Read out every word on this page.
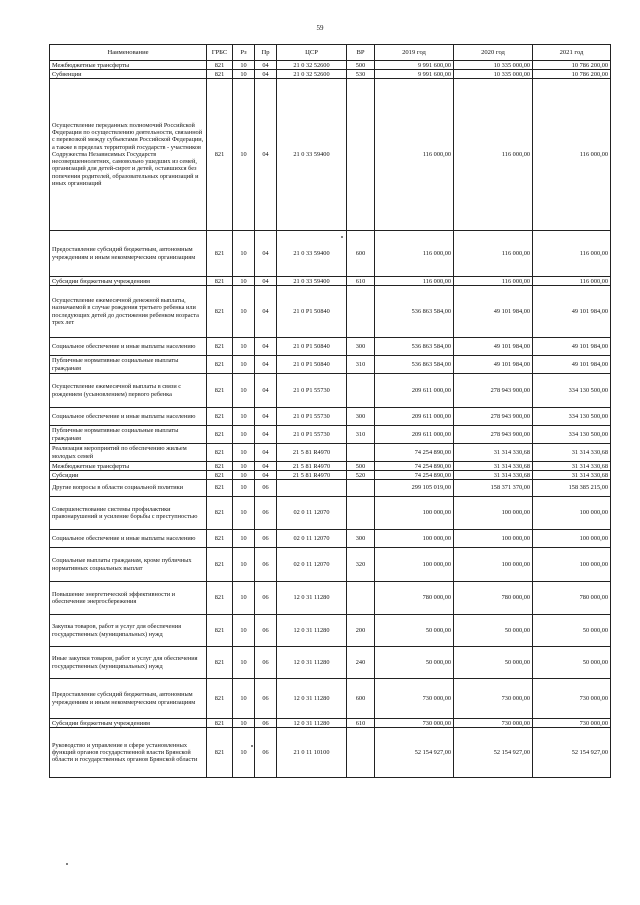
59
Наименование	ГРБС	Рз	Пр	ЦСР	ВР	2019 год	2020 год	2021 год
Межбюджетные трансферты	821	10	04	21 0 32 52600	500	9 991 600,00	10 335 000,00	10 786 200,00
Субвенции	821	10	04	21 0 32 52600	530	9 991 600,00	10 335 000,00	10 786 200,00
Осуществление переданных полномочий Российской Федерации по осуществлению деятельности, связанной с перевозкой между субъектами Российской Федерации, а также в пределах территорий государств - участников Содружества Независимых Государств несовершеннолетних, самовольно ушедших из семей, организаций для детей-сирот и детей, оставшихся без попечения родителей, образовательных организаций и иных организаций	821	10	04	21 0 33 59400		116 000,00	116 000,00	116 000,00
Предоставление субсидий бюджетным, автономным учреждениям и иным некоммерческим организациям	821	10	04	21 0 33 59400	600	116 000,00	116 000,00	116 000,00
Субсидии бюджетным учреждениям	821	10	04	21 0 33 59400	610	116 000,00	116 000,00	116 000,00
Осуществление ежемесячной денежной выплаты, назначаемой в случае рождения третьего ребенка или последующих детей до достижения ребенком возраста трех лет	821	10	04	21 0 P1 50840		536 863 584,00	49 101 984,00	49 101 984,00
Социальное обеспечение и иные выплаты населению	821	10	04	21 0 P1 50840	300	536 863 584,00	49 101 984,00	49 101 984,00
Публичные нормативные социальные выплаты гражданам	821	10	04	21 0 P1 50840	310	536 863 584,00	49 101 984,00	49 101 984,00
Осуществление ежемесячной выплаты в связи с рождением (усыновлением) первого ребенка	821	10	04	21 0 P1 55730		209 611 000,00	278 943 900,00	334 130 500,00
Социальное обеспечение и иные выплаты населению	821	10	04	21 0 P1 55730	300	209 611 000,00	278 943 900,00	334 130 500,00
Публичные нормативные социальные выплаты гражданам	821	10	04	21 0 P1 55730	310	209 611 000,00	278 943 900,00	334 130 500,00
Реализация мероприятий по обеспечению жильем молодых семей	821	10	04	21 5 81 R4970		74 254 890,00	31 314 330,68	31 314 330,68
Межбюджетные трансферты	821	10	04	21 5 81 R4970	500	74 254 890,00	31 314 330,68	31 314 330,68
Субсидии	821	10	04	21 5 81 R4970	520	74 254 890,00	31 314 330,68	31 314 330,68
Другие вопросы в области социальной политики	821	10	06			299 105 019,00	158 371 370,00	158 385 215,00
Совершенствование системы профилактики правонарушений и усиление борьбы с преступностью	821	10	06	02 0 11 12070		100 000,00	100 000,00	100 000,00
Социальное обеспечение и иные выплаты населению	821	10	06	02 0 11 12070	300	100 000,00	100 000,00	100 000,00
Социальные выплаты гражданам, кроме публичных нормативных социальных выплат	821	10	06	02 0 11 12070	320	100 000,00	100 000,00	100 000,00
Повышение энергетической эффективности и обеспечение энергосбережения	821	10	06	12 0 31 11280		780 000,00	780 000,00	780 000,00
Закупка товаров, работ и услуг для обеспечения государственных (муниципальных) нужд	821	10	06	12 0 31 11280	200	50 000,00	50 000,00	50 000,00
Иные закупки товаров, работ и услуг для обеспечения государственных (муниципальных) нужд	821	10	06	12 0 31 11280	240	50 000,00	50 000,00	50 000,00
Предоставление субсидий бюджетным, автономным учреждениям и иным некоммерческим организациям	821	10	06	12 0 31 11280	600	730 000,00	730 000,00	730 000,00
Субсидии бюджетным учреждениям	821	10	06	12 0 31 11280	610	730 000,00	730 000,00	730 000,00
Руководство и управление в сфере установленных функций органов государственной власти Брянской области и государственных органов Брянской области	821	10	06	21 0 11 10100		52 154 927,00	52 154 927,00	52 154 927,00
